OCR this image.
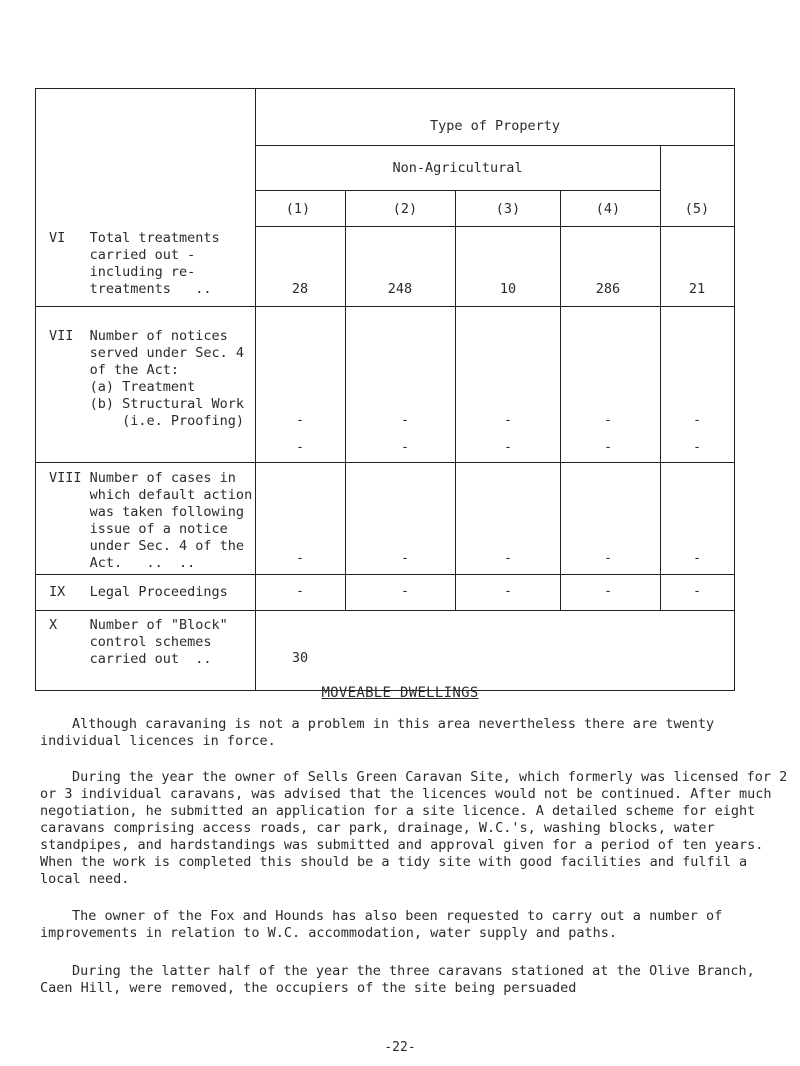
Type of Property
Non-Agricultural
(1)	(2)	(3)	(4)	(5)
VI   Total treatments
carried out -
including re-
treatments   ..	28	248	10	286	21
VII  Number of notices
served under Sec. 4
of the Act:
(a) Treatment
(b) Structural Work
(i.e. Proofing)	-	-	-	-	-
-	-	-	-	-
VIII Number of cases in
which default action
was taken following
issue of a notice
under Sec. 4 of the
Act.   ..  ..	-	-	-	-	-
IX   Legal Proceedings	-	-	-	-	-
X    Number of "Block"
control schemes
carried out  ..	30
MOVEABLE DWELLINGS
Although caravaning is not a problem in this area nevertheless there are twenty individual licences in force.
During the year the owner of Sells Green Caravan Site, which formerly was licensed for 2 or 3 individual caravans, was advised that the licences would not be continued. After much negotiation, he submitted an application for a site licence. A detailed scheme for eight caravans comprising access roads, car park, drainage, W.C.'s, washing blocks, water standpipes, and hardstandings was submitted and approval given for a period of ten years. When the work is completed this should be a tidy site with good facilities and fulfil a local need.
The owner of the Fox and Hounds has also been requested to carry out a number of improvements in relation to W.C. accommodation, water supply and paths.
During the latter half of the year the three caravans stationed at the Olive Branch, Caen Hill, were removed, the occupiers of the site being persuaded
-22-
